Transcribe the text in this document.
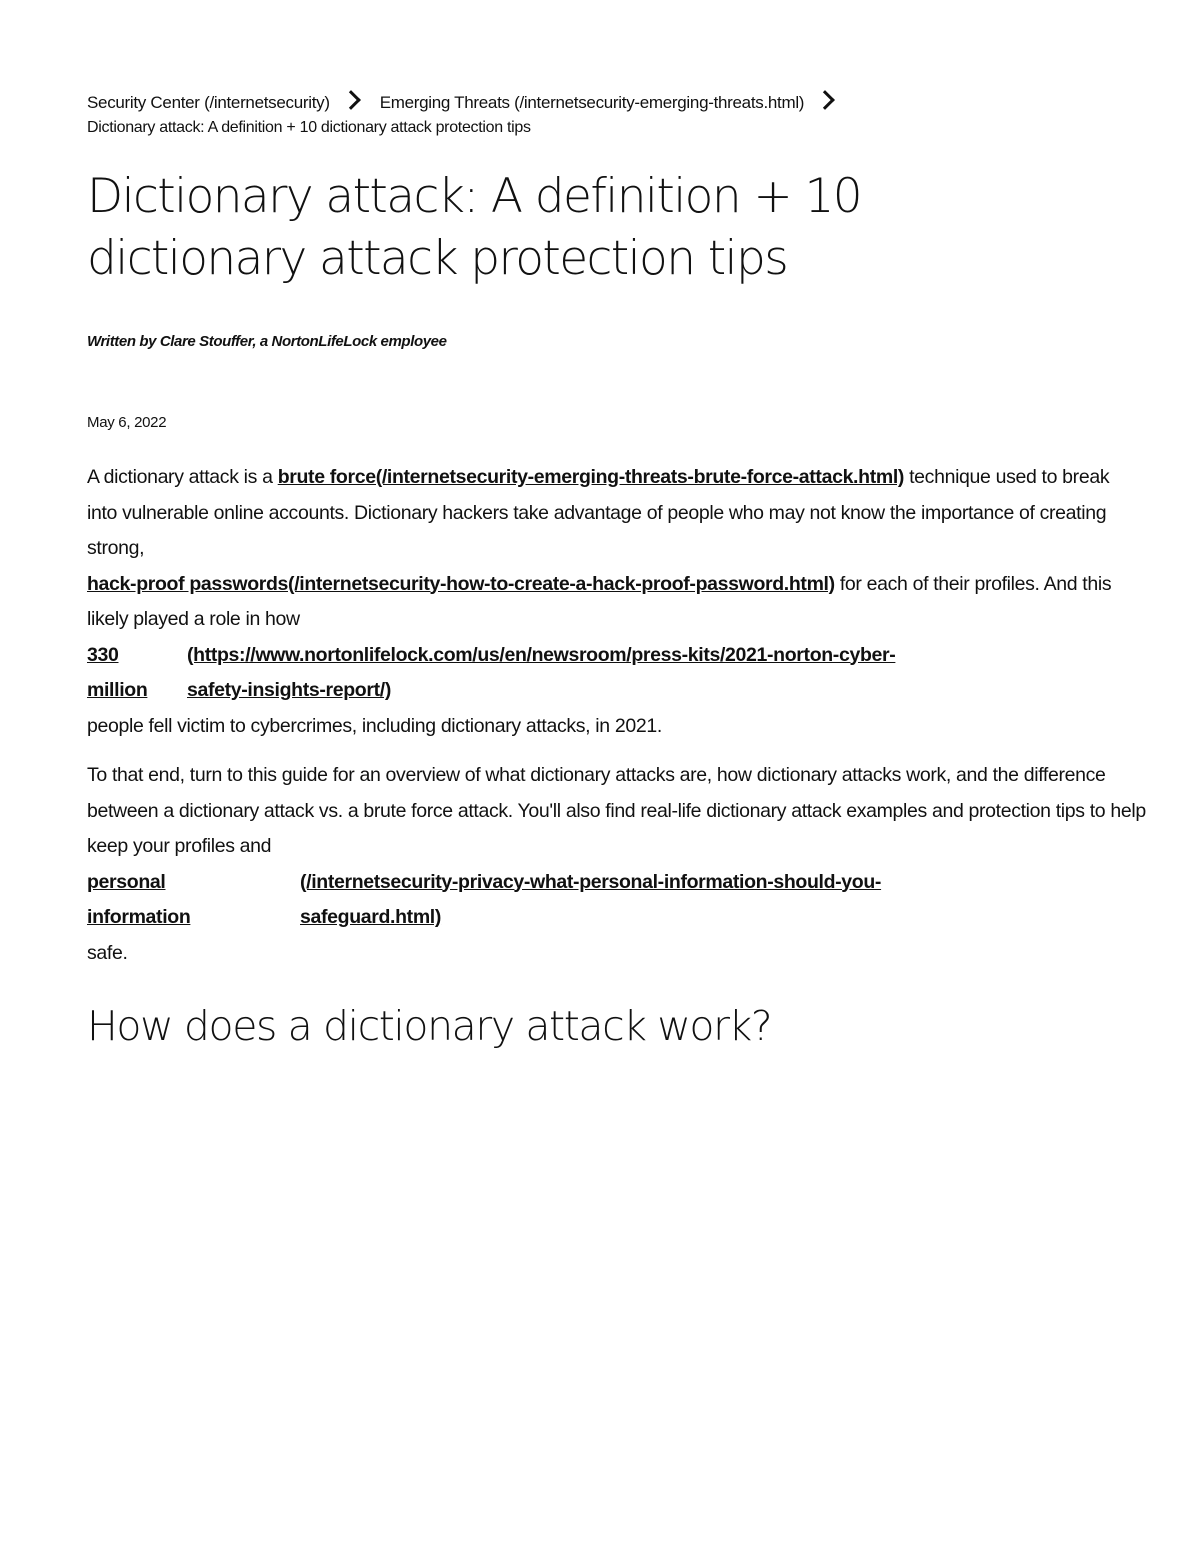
Security Center (/internetsecurity)	Emerging Threats (/internetsecurity-emerging-threats.html)
Dictionary attack: A definition + 10 dictionary attack protection tips
Dictionary attack: A definition + 10 dictionary attack protection tips
Written by Clare Stouffer, a NortonLifeLock employee
May 6, 2022
A dictionary attack is a brute force(/internetsecurity-emerging-threats-brute-force-attack.html) technique used to break into vulnerable online accounts. Dictionary hackers take advantage of people who may not know the importance of creating strong,
hack-proof passwords(/internetsecurity-how-to-create-a-hack-proof-password.html) for each of their profiles. And this likely played a role in how
330
million
(https://www.nortonlifelock.com/us/en/newsroom/press-kits/2021-norton-cyber-
safety-insights-report/)
people fell victim to cybercrimes, including dictionary attacks, in 2021.
To that end, turn to this guide for an overview of what dictionary attacks are, how dictionary attacks work, and the difference between a dictionary attack vs. a brute force attack. You'll also find real-life dictionary attack examples and protection tips to help keep your profiles and
personal
information
(/internetsecurity-privacy-what-personal-information-should-you-
safeguard.html)
safe.
How does a dictionary attack work?
